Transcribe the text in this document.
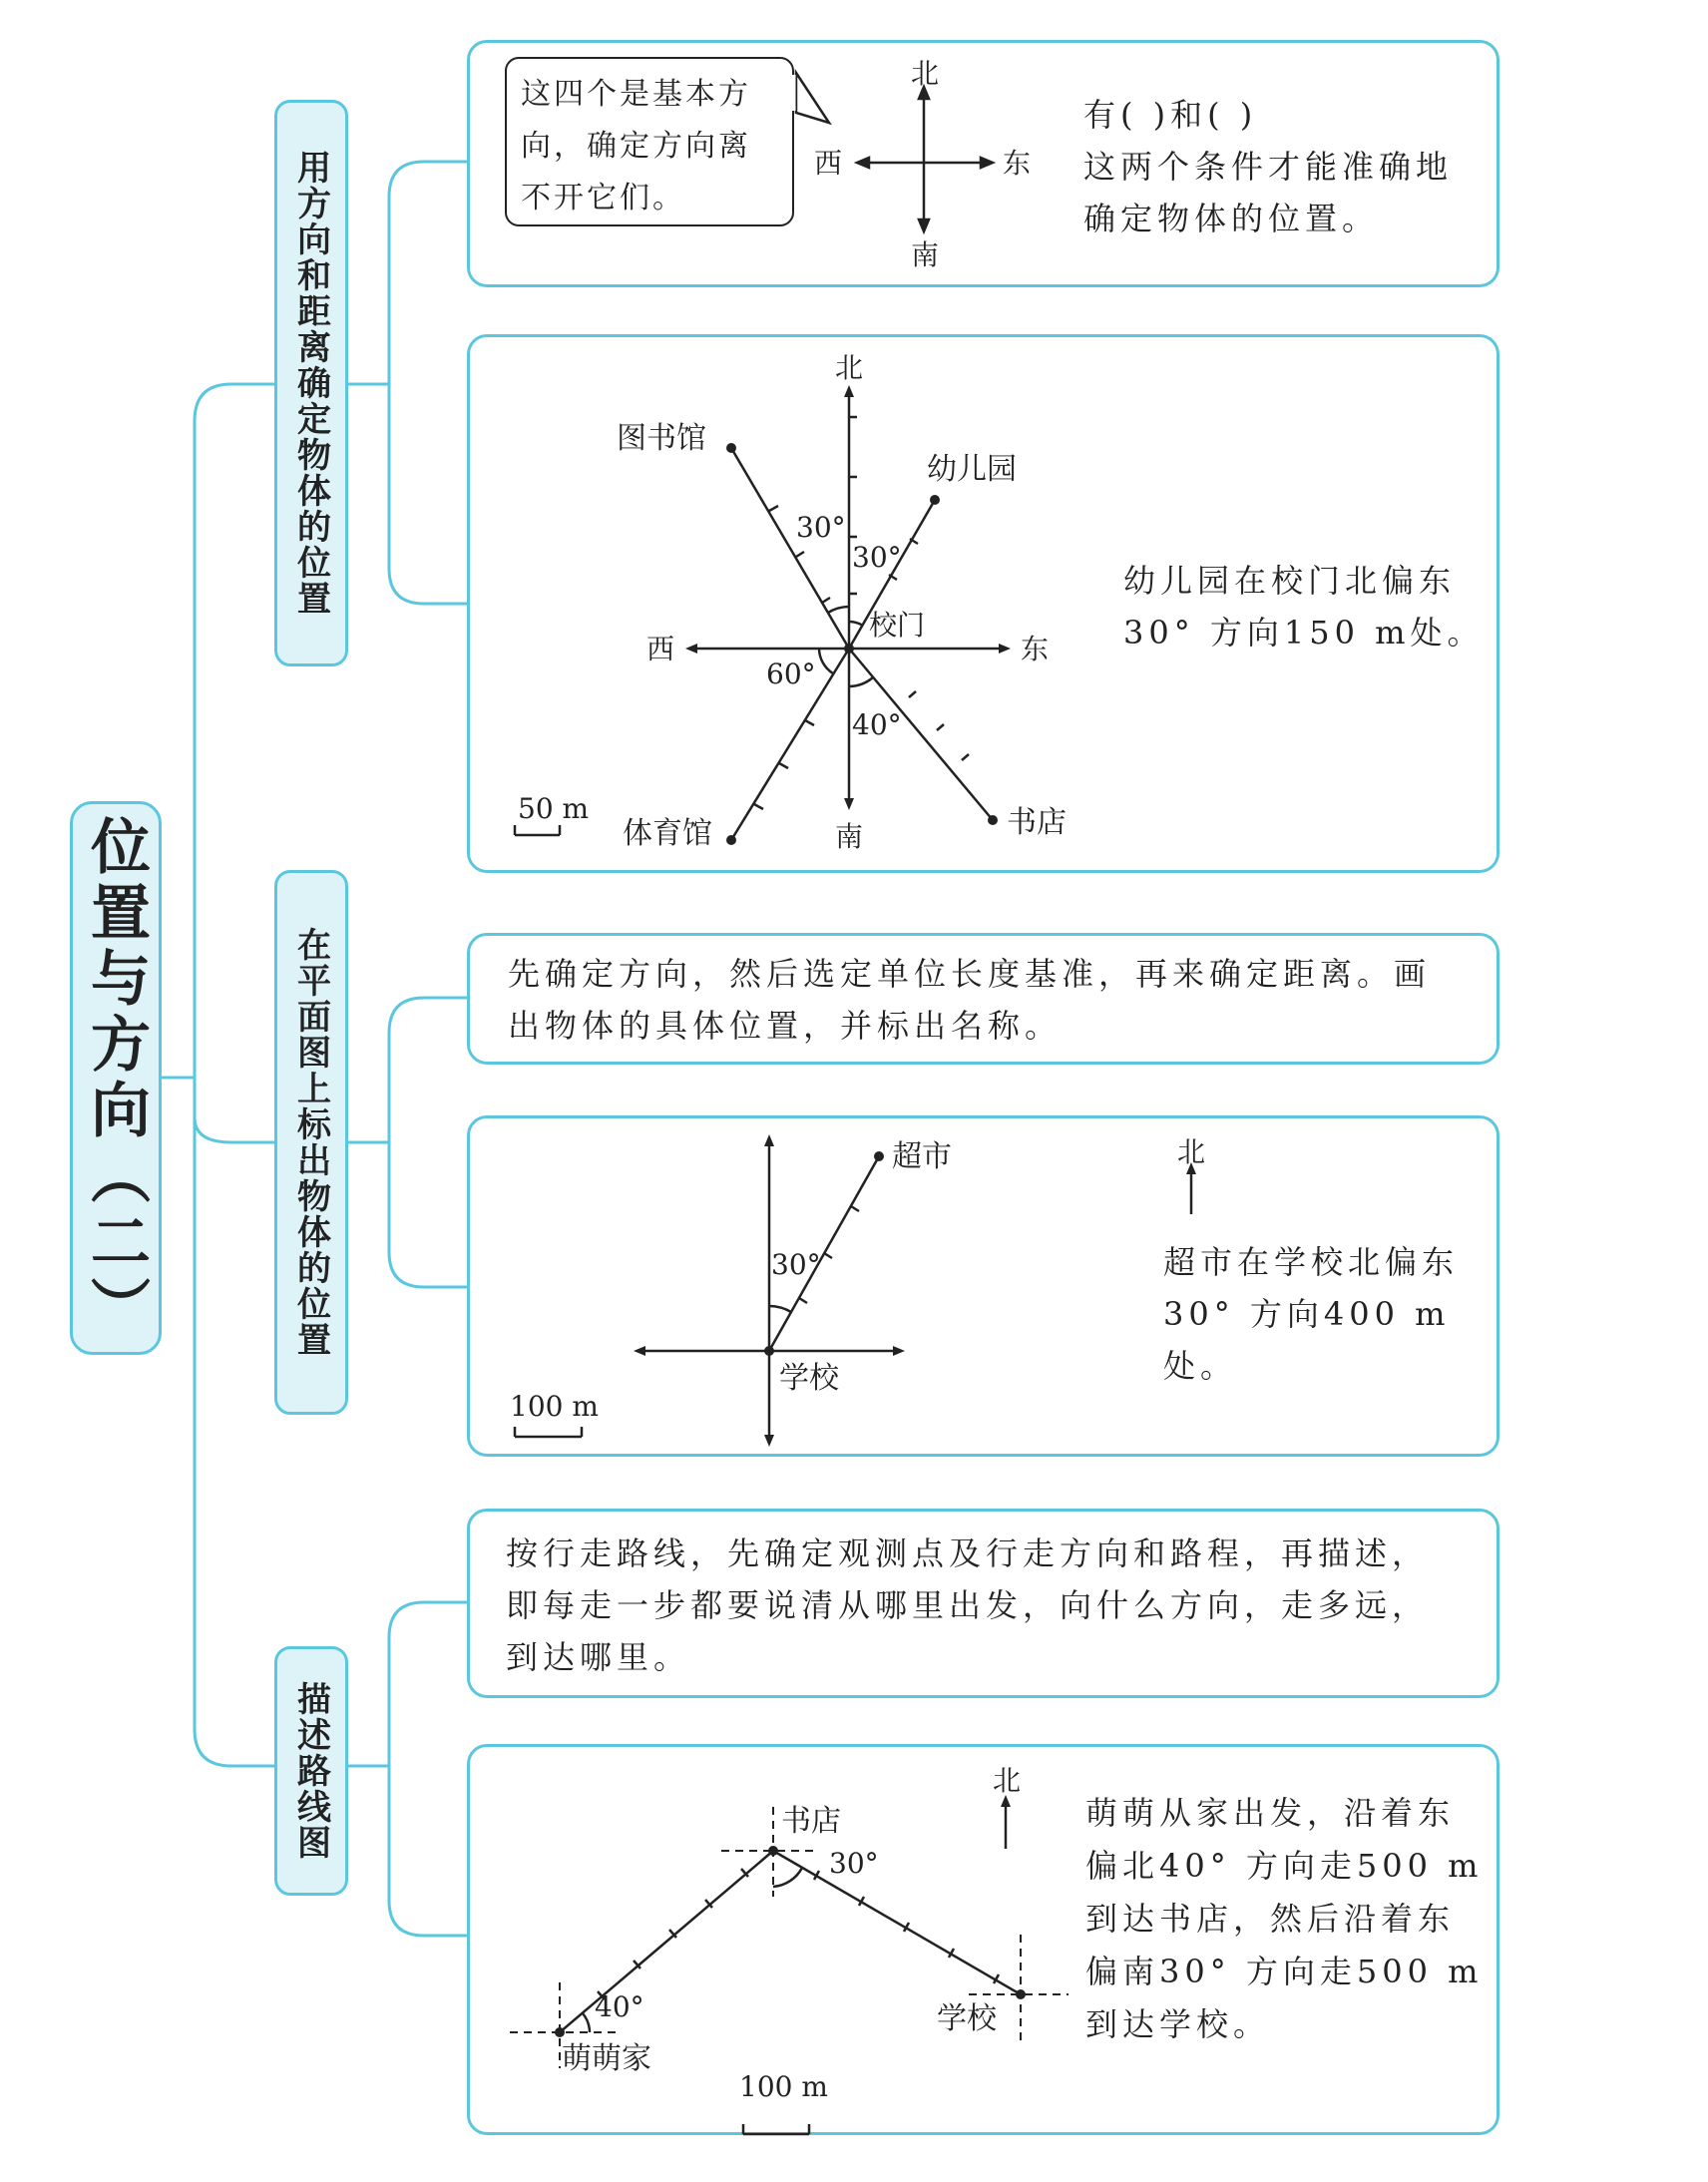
位置与方向（二）
用方向和距离确定物体的位置
在平面图上标出物体的位置
描述路线图
这四个是基本方向，确定方向离不开它们。
北
南
西	东
有( )和( )
这两个条件才能准确地
确定物体的位置。
北
南
西	东
图书馆
幼儿园
校门
体育馆	书店
30°
30°
60°
40°
50 m
幼儿园在校门北偏东
30° 方向150 m处。
先确定方向，然后选定单位长度基准，再来确定距离。画
出物体的具体位置，并标出名称。
超市	北
30°
学校
100 m
超市在学校北偏东
30° 方向400 m处。
按行走路线，先确定观测点及行走方向和路程，再描述，
即每走一步都要说清从哪里出发，向什么方向，走多远，
到达哪里。
北
书店
30°
40°
萌萌家
学校
100 m
萌萌从家出发，沿着东
偏北40° 方向走500 m
到达书店，然后沿着东
偏南30° 方向走500 m
到达学校。
